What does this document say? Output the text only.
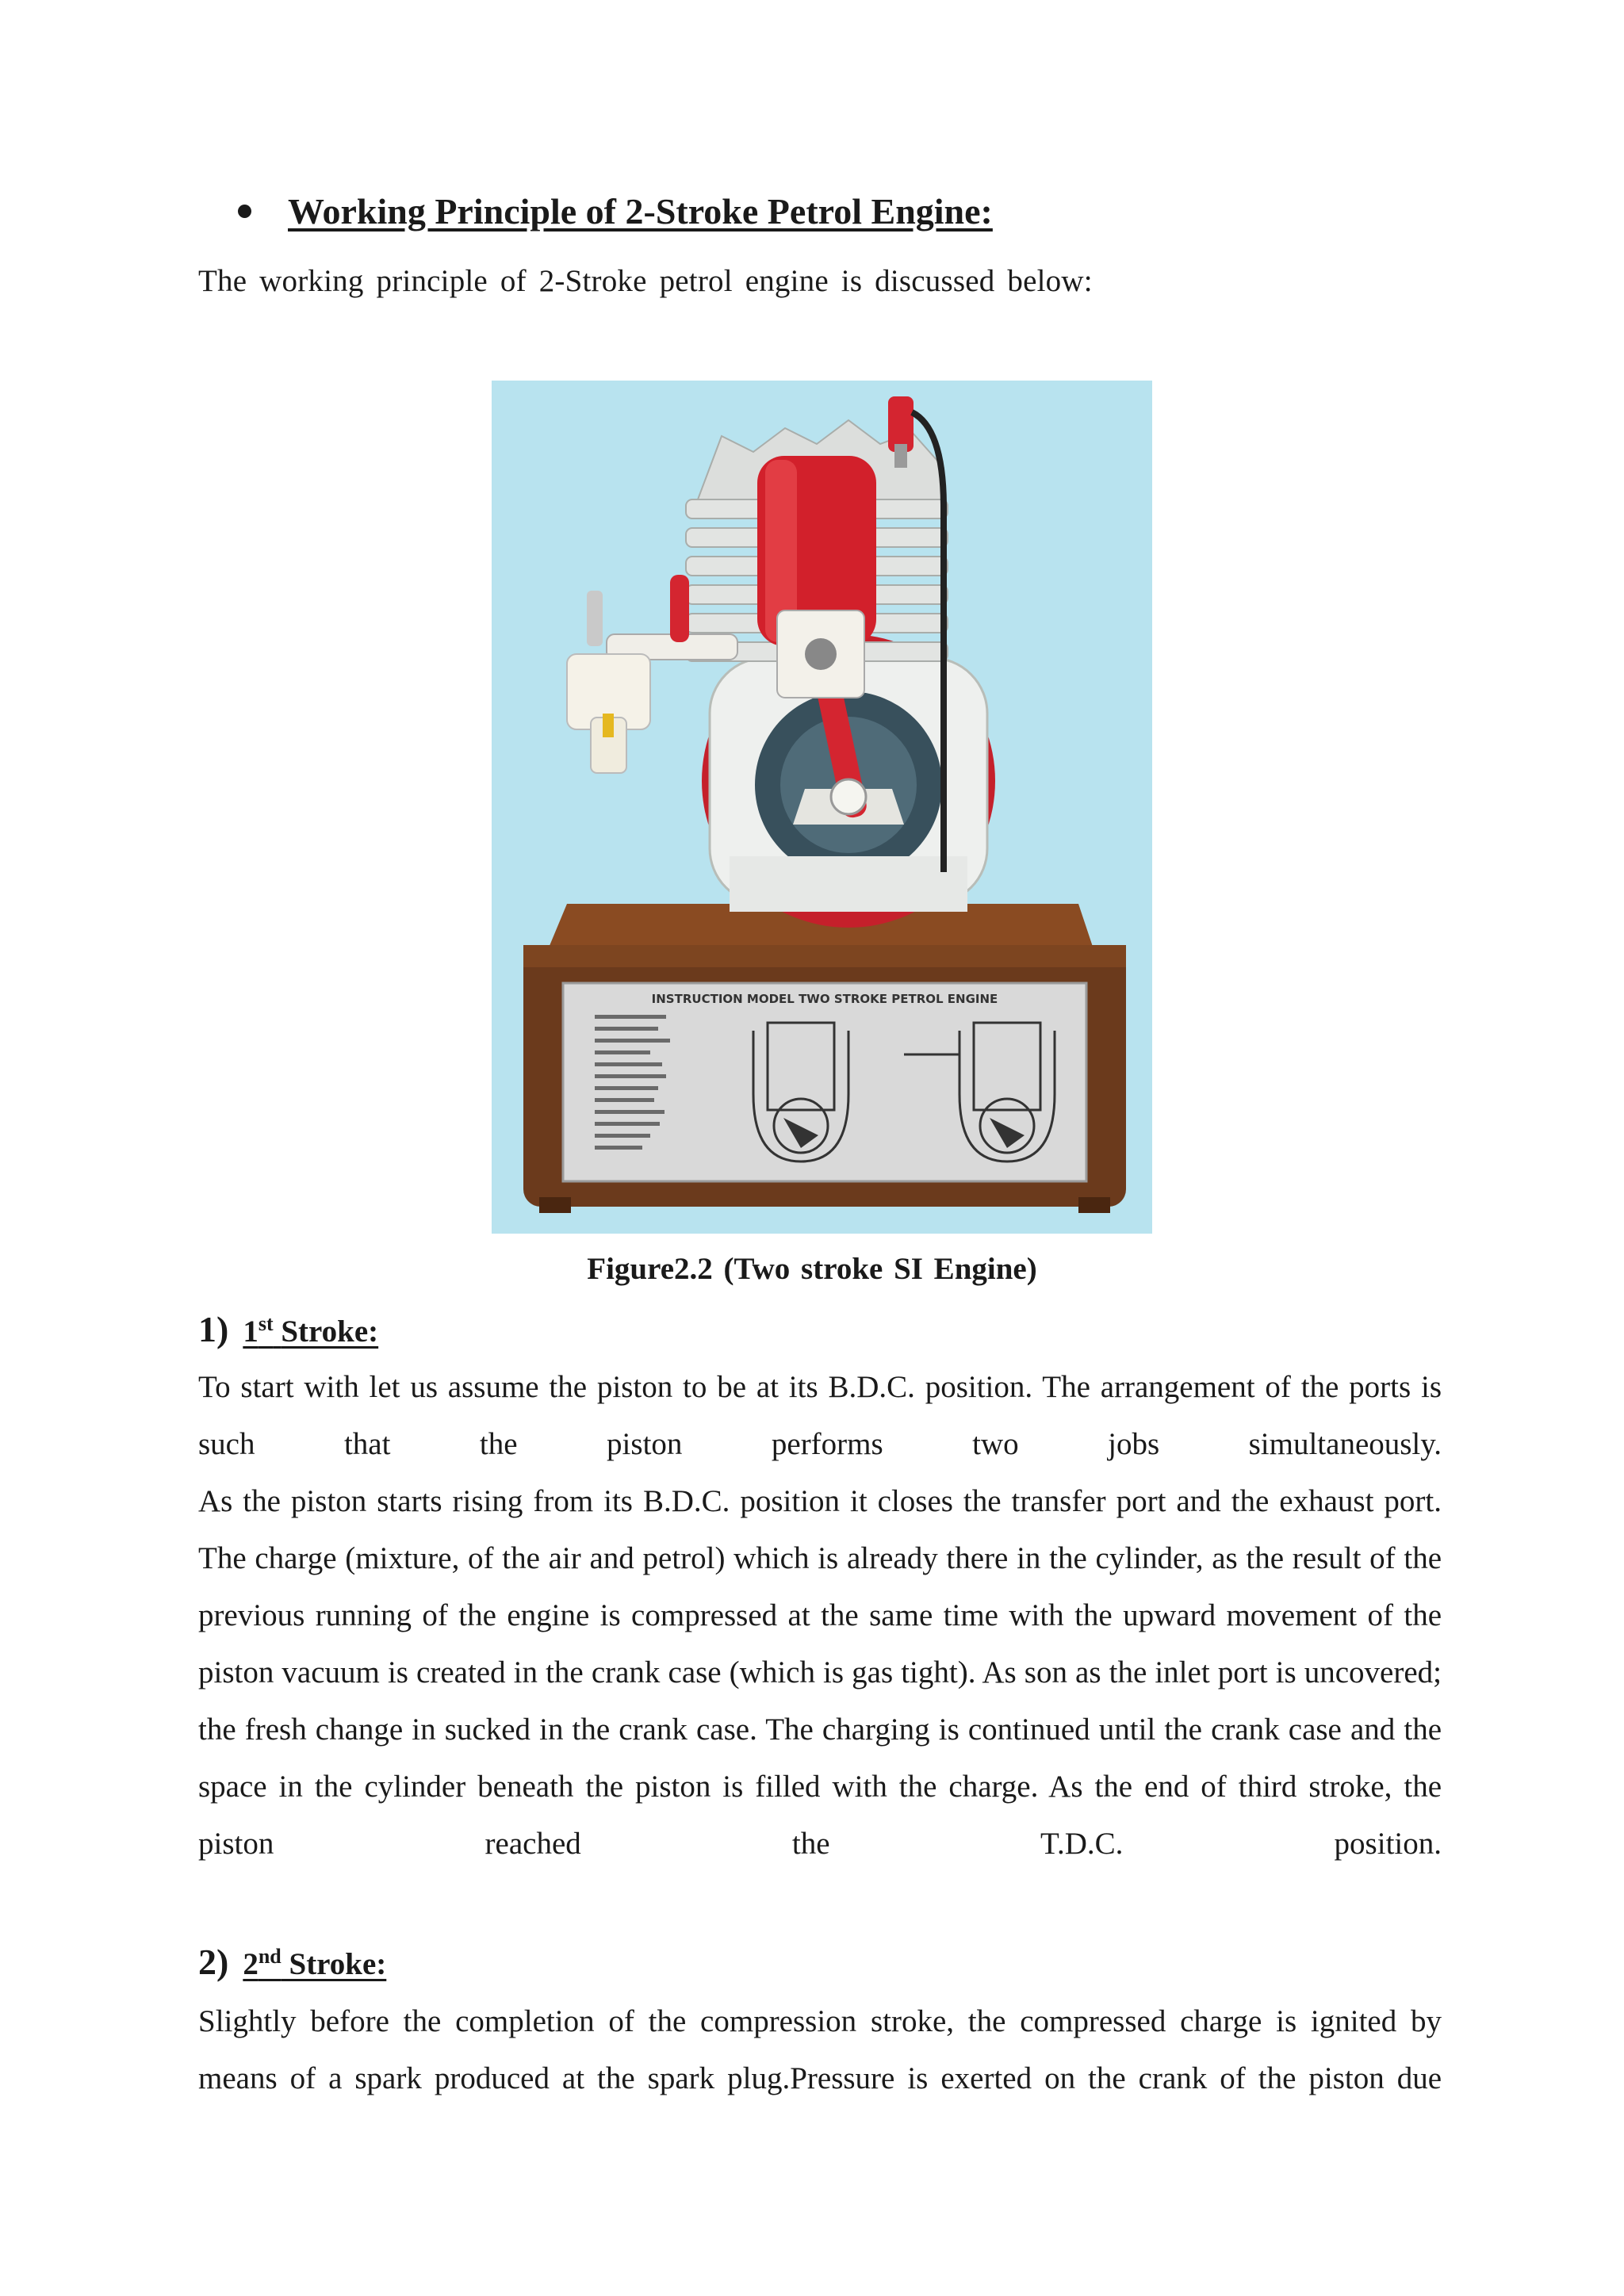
Working Principle of 2-Stroke Petrol Engine:
The working principle of 2-Stroke petrol engine is discussed below:
INSTRUCTION MODEL TWO STROKE PETROL ENGINE
Figure2.2 (Two stroke SI Engine)
1) 1st Stroke:

To start with let us assume the piston to be at its B.D.C. position. The arrangement of the ports is such that the piston performs two jobs simultaneously.

As the piston starts rising from its B.D.C. position it closes the transfer port and the exhaust port. The charge (mixture, of the air and petrol) which is already there in the cylinder, as the result of the previous running of the engine is compressed at the same time with the upward movement of the piston vacuum is created in the crank case (which is gas tight). As son as the inlet port is uncovered; the fresh change in sucked in the crank case. The charging is continued until the crank case and the space in the cylinder beneath the piston is filled with the charge. As the end of third stroke, the piston reached the T.D.C. position.

2) 2nd Stroke:

Slightly before the completion of the compression stroke, the compressed charge is ignited by means of a spark produced at the spark plug.Pressure is exerted on the crank of the piston due
